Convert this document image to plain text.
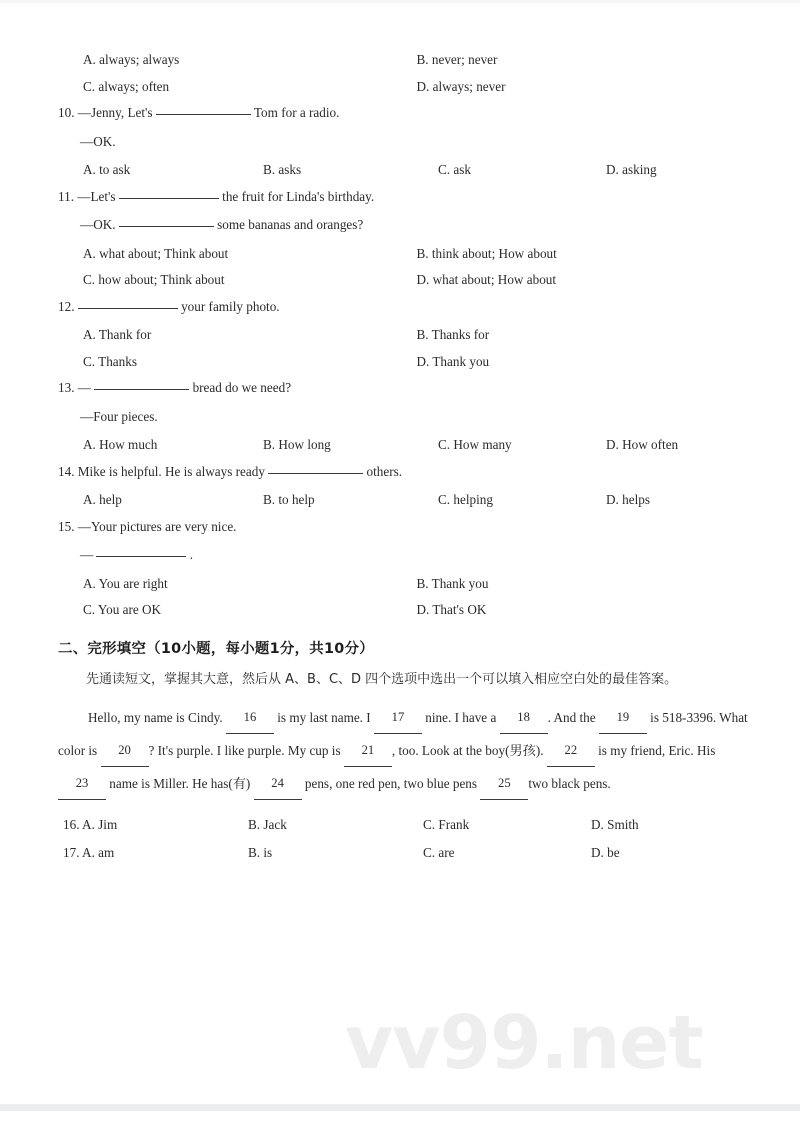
A. always; always	B. never; never
C. always; often	D. always; never
10. —Jenny, Let's	Tom for a radio.
—OK.
A. to ask	B. asks	C. ask	D. asking
11. —Let's	the fruit for Linda's birthday.
—OK.	some bananas and oranges?
A. what about; Think about	B. think about; How about
C. how about; Think about	D. what about; How about
12.	your family photo.
A. Thank for	B. Thanks for
C. Thanks	D. Thank you
13. —	bread do we need?
—Four pieces.
A. How much	B. How long	C. How many	D. How often
14. Mike is helpful. He is always ready	others.
A. help	B. to help	C. helping	D. helps
15. —Your pictures are very nice.
—	.
A. You are right	B. Thank you
C. You are OK	D. That's OK
二、完形填空（10小题，每小题1分，共10分）
先通读短文，掌握其大意，然后从 A、B、C、D 四个选项中选出一个可以填入相应空白处的最佳答案。
Hello, my name is Cindy. 16 is my last name. I 17 nine. I have a 18 . And the 19 is 518-3396. What color is 20 ? It's purple. I like purple. My cup is 21 , too. Look at the boy(男孩). 22 is my friend, Eric. His 23 name is Miller. He has(有) 24 pens, one red pen, two blue pens 25 two black pens.
16. A. Jim	B. Jack	C. Frank	D. Smith
17. A. am	B. is	C. are	D. be
vv99.net
